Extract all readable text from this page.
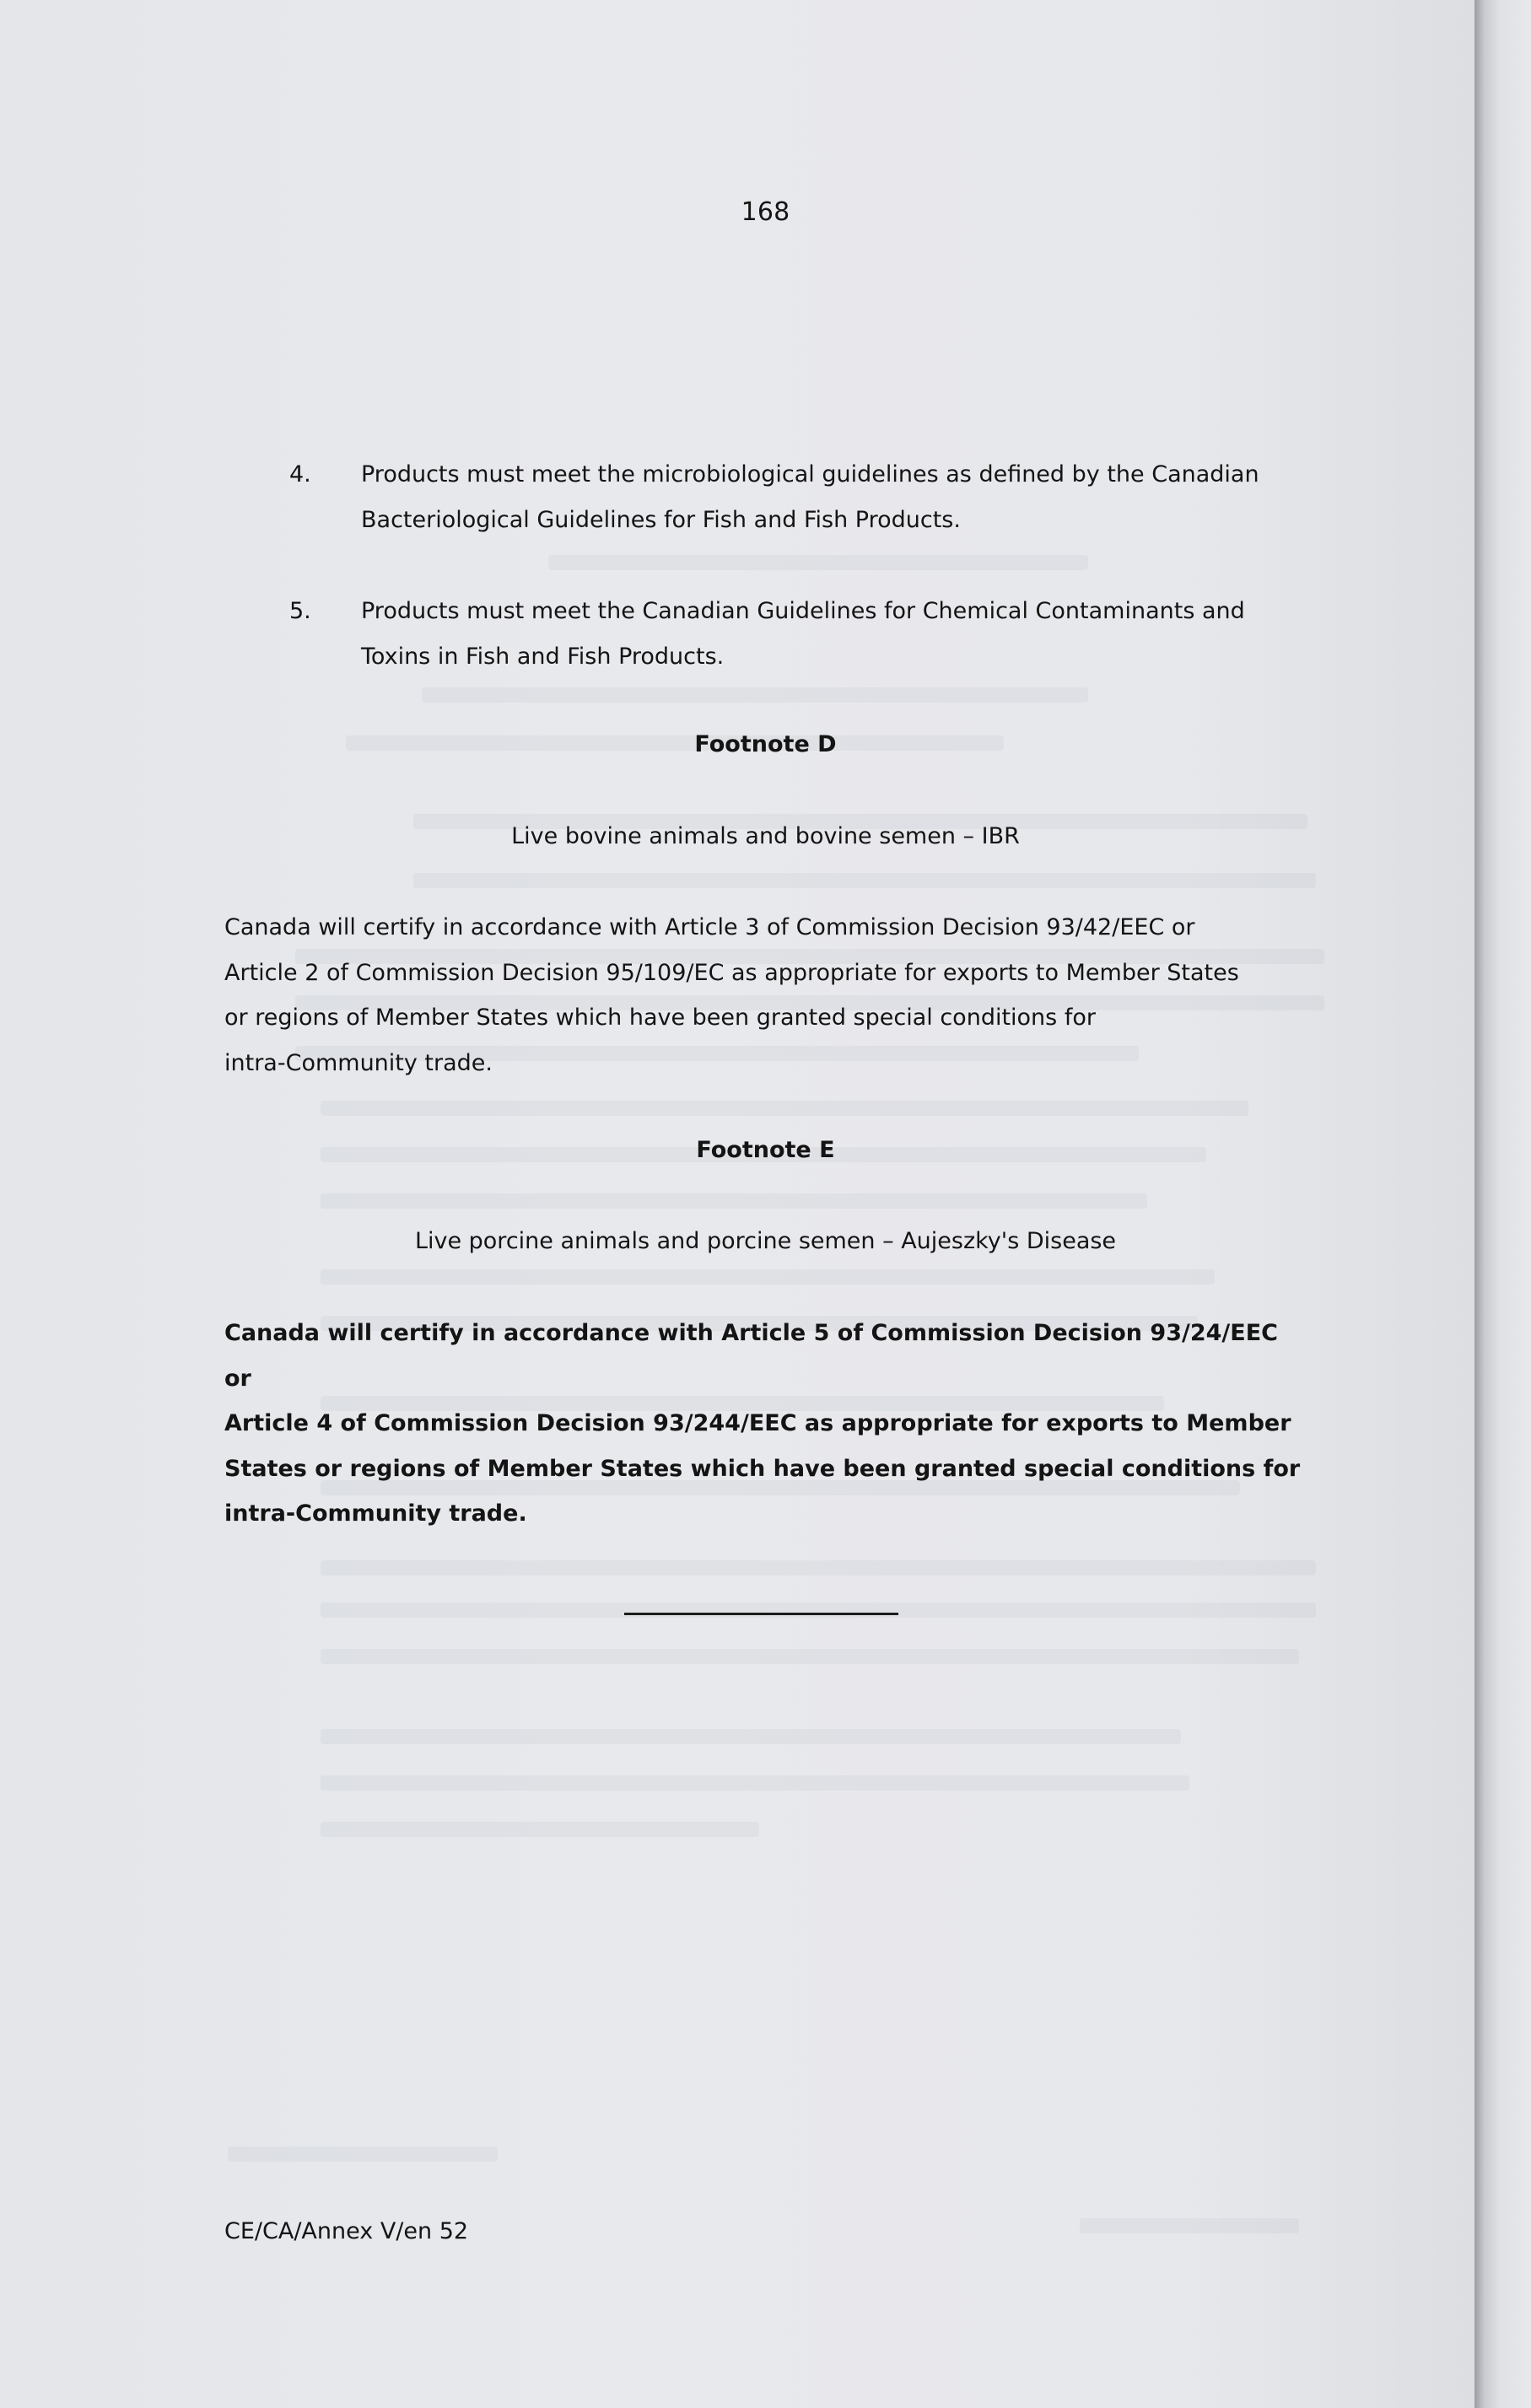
168
4. Products must meet the microbiological guidelines as defined by the Canadian
Bacteriological Guidelines for Fish and Fish Products.
5. Products must meet the Canadian Guidelines for Chemical Contaminants and
Toxins in Fish and Fish Products.
Footnote D
Live bovine animals and bovine semen – IBR
Canada will certify in accordance with Article 3 of Commission Decision 93/42/EEC or
Article 2 of Commission Decision 95/109/EC as appropriate for exports to Member States
or regions of Member States which have been granted special conditions for
intra-Community trade.
Footnote E
Live porcine animals and porcine semen – Aujeszky's Disease
Canada will certify in accordance with Article 5 of Commission Decision 93/24/EEC or
Article 4 of Commission Decision 93/244/EEC as appropriate for exports to Member
States or regions of Member States which have been granted special conditions for
intra-Community trade.
CE/CA/Annex V/en 52
